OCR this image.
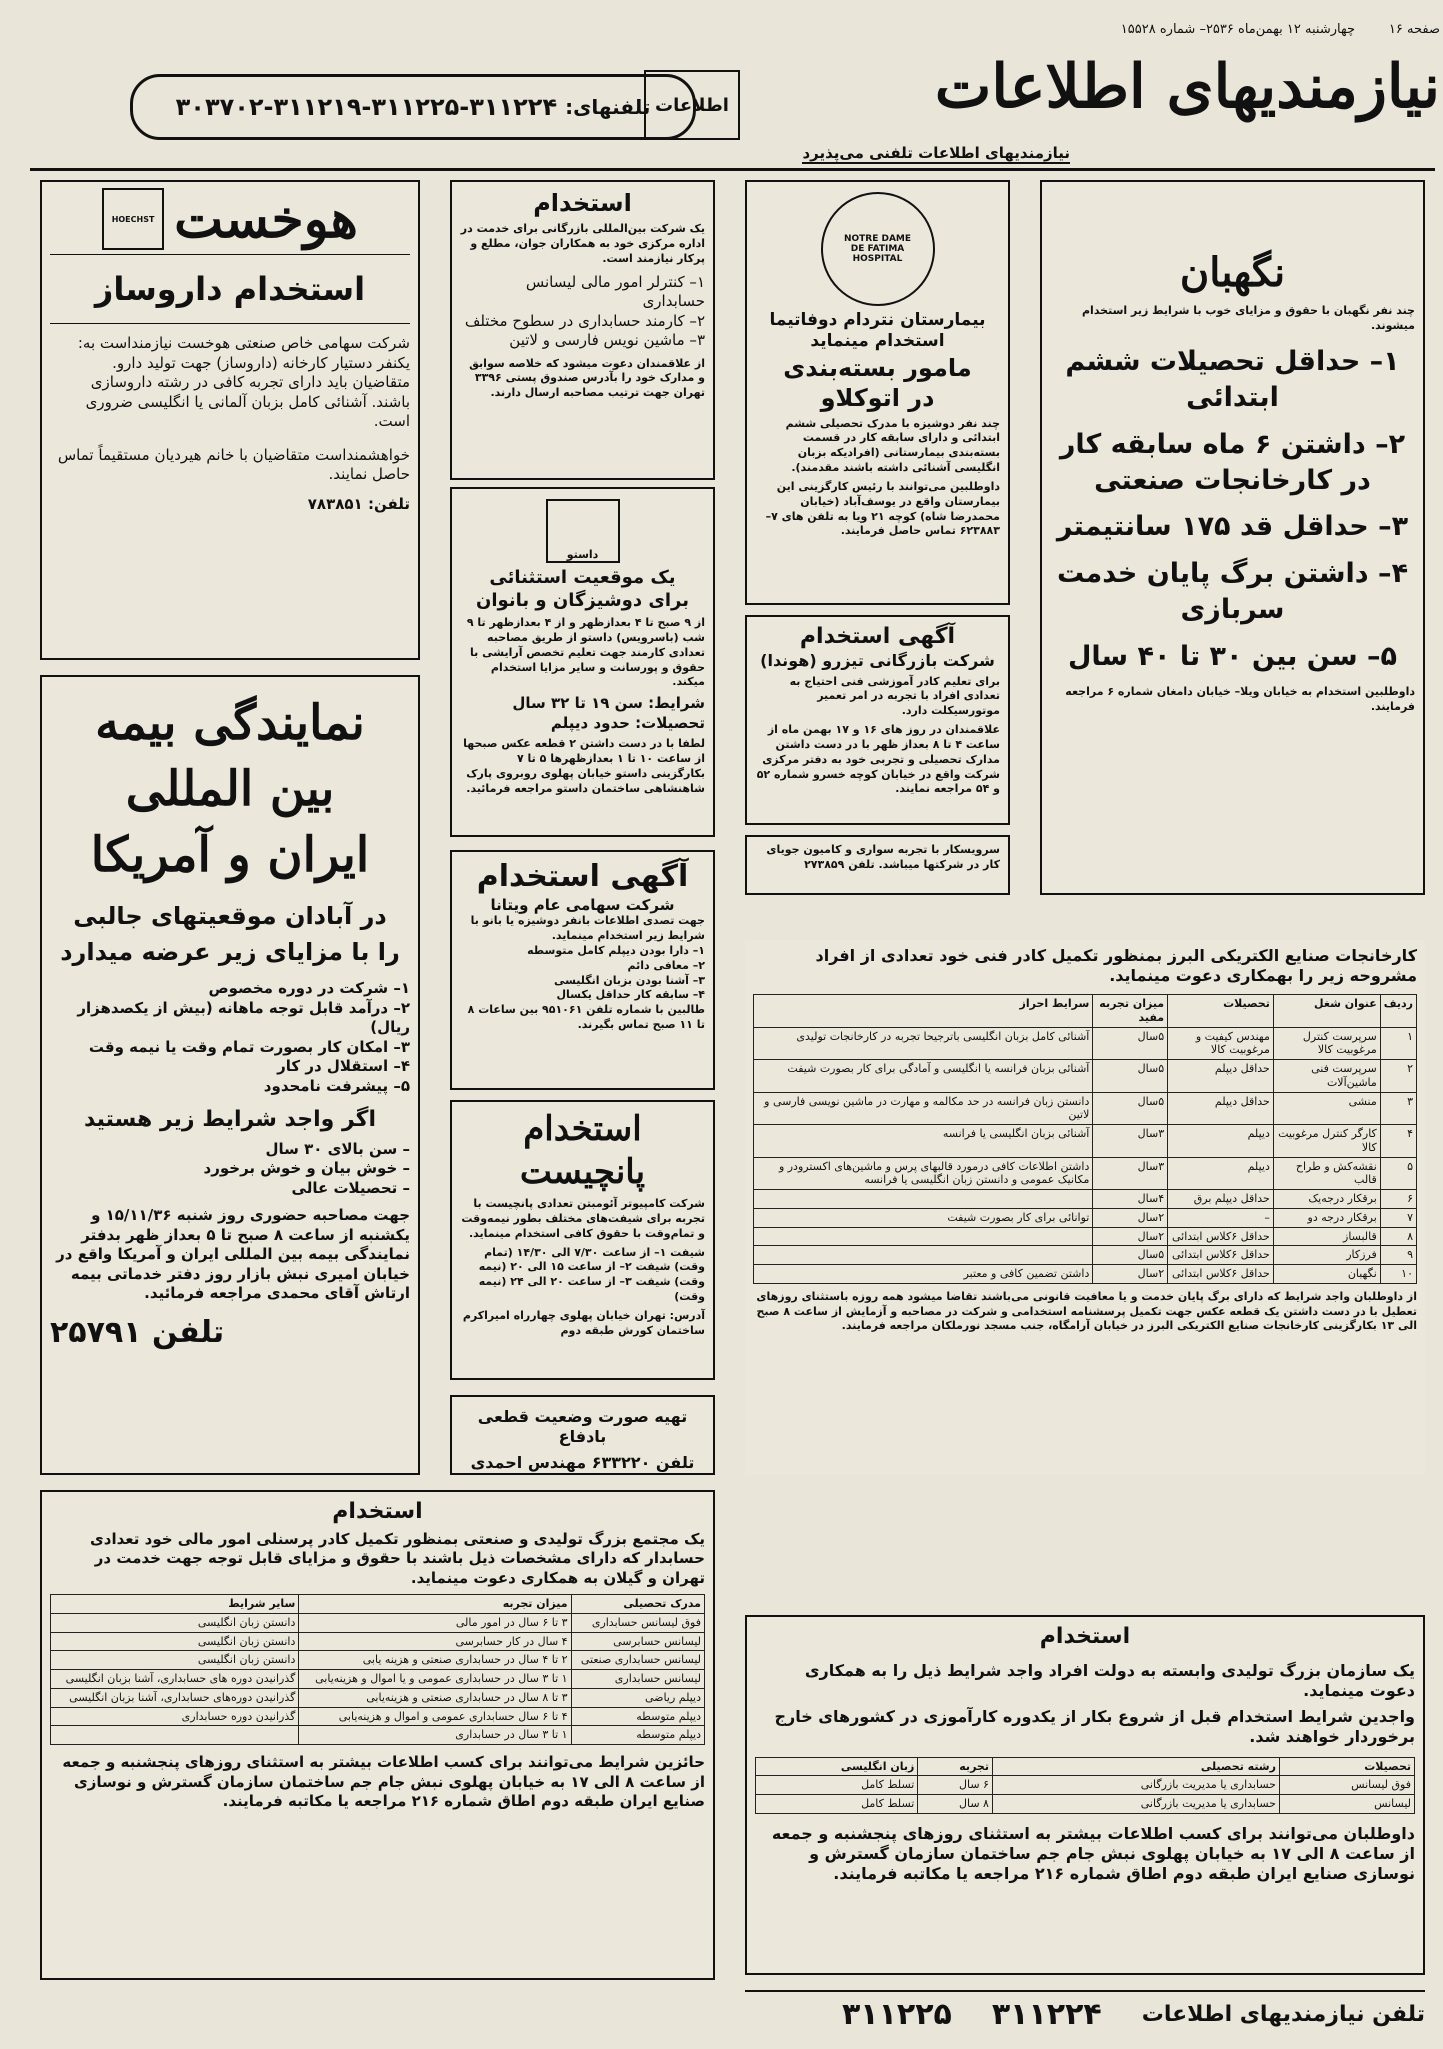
صفحه ۱۶
چهارشنبه ۱۲ بهمن‌ماه ۲۵۳۶– شماره ۱۵۵۲۸
نیازمندیهای اطلاعات
اطلاعات
تلفنهای:
۳۰۳۷۰۲-۳۱۱۲۱۹-۳۱۱۲۲۵-۳۱۱۲۲۴
نیازمندیهای اطلاعات تلفنی می‌پذیرد
هوخست
HOECHST

استخدام داروساز

شرکت سهامی خاص صنعتی هوخست نیازمنداست به: یکنفر دستیار کارخانه (داروساز) جهت تولید دارو. متقاضیان باید دارای تجربه کافی در رشته داروسازی باشند. آشنائی کامل بزبان آلمانی یا انگلیسی ضروری است.

خواهشمنداست متقاضیان با خانم هیردیان مستقیماً تماس حاصل نمایند.

تلفن: ۷۸۳۸۵۱

نمایندگی بیمه

بین المللی

ایران و آمریکا

در آبادان موقعیتهای جالبی

را با مزایای زیر عرضه میدارد

۱– شرکت در دوره مخصوص
۲– درآمد قابل توجه ماهانه (بیش از یکصدهزار ریال)
۳– امکان کار بصورت تمام وقت یا نیمه وقت
۴– استقلال در کار
۵– پیشرفت نامحدود

اگر واجد شرایط زیر هستید

– سن بالای ۳۰ سال
– خوش بیان و خوش برخورد
– تحصیلات عالی

جهت مصاحبه حضوری روز شنبه ۱۵/۱۱/۳۶ و یکشنبه از ساعت ۸ صبح تا ۵ بعداز ظهر بدفتر نمایندگی بیمه بین المللی ایران و آمریکا واقع در خیابان امیری نبش بازار روز دفتر خدماتی بیمه ارتاش آقای محمدی مراجعه فرمائید.

تلفن ۲۵۷۹۱

استخدام

یک شرکت بین‌المللی بازرگانی برای خدمت در اداره مرکزی خود به همکاران جوان، مطلع و پرکار نیازمند است.

۱– کنترلر امور مالی لیسانس حسابداری
۲– کارمند حسابداری در سطوح مختلف
۳– ماشین نویس فارسی و لاتین

از علاقمندان دعوت میشود که خلاصه سوابق و مدارک خود را بآدرس صندوق پستی ۳۳۹۶ تهران جهت ترتیب مصاحبه ارسال دارند.

داستو

یک موقعیت استثنائی

برای دوشیزگان و بانوان

از ۹ صبح تا ۴ بعدازظهر و از ۴ بعدازظهر تا ۹ شب (باسرویس) داستو از طریق مصاحبه تعدادی کارمند جهت تعلیم تخصص آرایشی با حقوق و پورسانت و سایر مزایا استخدام میکند.

شرایط: سن ۱۹ تا ۳۲ سال

تحصیلات: حدود دیپلم

لطفا با در دست داشتن ۲ قطعه عکس صبحها از ساعت ۱۰ تا ۱ بعدازظهرها ۵ تا ۷ بکارگزینی داستو خیابان پهلوی روبروی پارک شاهنشاهی ساختمان داستو مراجعه فرمائید.

آگهی استخدام

شرکت سهامی عام ویتانا

جهت تصدی اطلاعات بانفر دوشیزه یا بانو با شرایط زیر استخدام مینماید.

۱– دارا بودن دیپلم کامل متوسطه
۲– معافی دائم
۳– آشنا بودن بزبان انگلیسی
۴– سابقه کار حداقل یکسال

طالبین با شماره تلفن ۹۵۱۰۶۱ بین ساعات ۸ تا ۱۱ صبح تماس بگیرند.

استخدام

پانچیست

شرکت کامپیوتر آئومبتن تعدادی پانچیست با تجربه برای شیفت‌های مختلف بطور نیمه‌وقت و تمام‌وقت با حقوق کافی استخدام مینماید.

شیفت ۱– از ساعت ۷/۳۰ الی ۱۴/۳۰ (تمام وقت) شیفت ۲– از ساعت ۱۵ الی ۲۰ (نیمه وقت) شیفت ۳– از ساعت ۲۰ الی ۲۴ (نیمه وقت)

آدرس: تهران خیابان پهلوی چهارراه امیراکرم ساختمان کورش طبقه دوم

تهیه صورت وضعیت قطعی بادفاع

تلفن ۶۳۳۲۲۰ مهندس احمدی

NOTRE DAME DE FATIMA HOSPITAL

بیمارستان نتردام دوفاتیما

استخدام مینماید

مامور بسته‌بندی

در اتوکلاو

چند نفر دوشیزه با مدرک تحصیلی ششم ابتدائی و دارای سابقه کار در قسمت بسته‌بندی بیمارستانی (افرادیکه بزبان انگلیسی آشنائی داشته باشند مقدمند).

داوطلبین می‌توانند با رئیس کارگزینی این بیمارستان واقع در یوسف‌آباد (خیابان محمدرضا شاه) کوچه ۲۱ ویا به تلفن های ۷–۶۲۳۸۸۳ تماس حاصل فرمایند.

آگهی استخدام

شرکت بازرگانی تیزرو (هوندا)

برای تعلیم کادر آموزشی فنی احتیاج به تعدادی افراد با تجربه در امر تعمیر موتورسیکلت دارد.

علاقمندان در روز های ۱۶ و ۱۷ بهمن ماه از ساعت ۴ تا ۸ بعداز ظهر با در دست داشتن مدارک تحصیلی و تجربی خود به دفتر مرکزی شرکت واقع در خیابان کوچه خسرو شماره ۵۲ و ۵۴ مراجعه نمایند.

سرویسکار با تجربه سواری و کامیون جویای کار در شرکتها میباشد. تلفن ۲۷۳۸۵۹

نگهبان

چند نفر نگهبان با حقوق و مزایای خوب با شرایط زیر استخدام میشوند.

۱– حداقل تحصیلات ششم ابتدائی
۲– داشتن ۶ ماه سابقه کار در کارخانجات صنعتی
۳– حداقل قد ۱۷۵ سانتیمتر
۴– داشتن برگ پایان خدمت سربازی
۵– سن بین ۳۰ تا ۴۰ سال

داوطلبین استخدام به خیابان ویلا– خیابان دامغان شماره ۶ مراجعه فرمایند.

کارخانجات صنایع الکتریکی البرز بمنظور تکمیل کادر فنی خود تعدادی از افراد مشروحه زیر را بهمکاری دعوت مینماید.

ردیف	عنوان شغل	تحصیلات	میزان تجربه مفید	سرایط احراز
۱	سرپرست کنترل مرغوبیت کالا	مهندس کیفیت و مرغوبیت کالا	۵سال	آشنائی کامل بزبان انگلیسی باترجیحا تجربه در کارخانجات تولیدی
۲	سرپرست فنی ماشین‌آلات	حداقل دیپلم	۵سال	آشنائی بزبان فرانسه یا انگلیسی و آمادگی برای کار بصورت شیفت
۳	منشی	حداقل دیپلم	۵سال	دانستن زبان فرانسه در حد مکالمه و مهارت در ماشین نویسی فارسی و لاتین
۴	کارگر کنترل مرغوبیت کالا	دیپلم	۳سال	آشنائی بزبان انگلیسی یا فرانسه
۵	نقشه‌کش و طراح قالب	دیپلم	۳سال	داشتن اطلاعات کافی درمورد قالبهای پرس و ماشین‌های اکسترودر و مکانیک عمومی و دانستن زبان انگلیسی یا فرانسه
۶	برقکار درجه‌یک	حداقل دیپلم برق	۴سال	
۷	برقکار درجه دو	–	۲سال	توانائی برای کار بصورت شیفت
۸	قالبساز	حداقل ۶کلاس ابتدائی	۲سال	
۹	فرزکار	حداقل ۶کلاس ابتدائی	۵سال	
۱۰	نگهبان	حداقل ۶کلاس ابتدائی	۲سال	داشتن تضمین کافی و معتبر

از داوطلبان واجد شرایط که دارای برگ پایان خدمت و یا معافیت قانونی می‌باشند تقاضا میشود همه روزه باستثنای روزهای تعطیل با در دست داشتن یک قطعه عکس جهت تکمیل پرسشنامه استخدامی و شرکت در مصاحبه و آزمایش از ساعت ۸ صبح الی ۱۳ بکارگزینی کارخانجات صنایع الکتریکی البرز در خیابان آرامگاه، جنب مسجد نورملکان مراجعه فرمایند.

استخدام

یک مجتمع بزرگ تولیدی و صنعتی بمنظور تکمیل کادر پرسنلی امور مالی خود تعدادی حسابدار که دارای مشخصات ذیل باشند با حقوق و مزایای قابل توجه جهت خدمت در تهران و گیلان به همکاری دعوت مینماید.

مدرک تحصیلی	میزان تجربه	سایر شرایط
فوق لیسانس حسابداری	۳ تا ۶ سال در امور مالی	دانستن زبان انگلیسی
لیسانس حسابرسی	۴ سال در کار حسابرسی	دانستن زبان انگلیسی
لیسانس حسابداری صنعتی	۲ تا ۴ سال در حسابداری صنعتی و هزینه یابی	دانستن زبان انگلیسی
لیسانس حسابداری	۱ تا ۳ سال در حسابداری عمومی و یا اموال و هزینه‌یابی	گذرانیدن دوره های حسابداری، آشنا بزبان انگلیسی
دیپلم ریاضی	۳ تا ۸ سال در حسابداری صنعتی و هزینه‌یابی	گذرانیدن دوره‌های حسابداری، آشنا بزبان انگلیسی
دیپلم متوسطه	۴ تا ۶ سال حسابداری عمومی و اموال و هزینه‌یابی	گذرانیدن دوره حسابداری
دیپلم متوسطه	۱ تا ۳ سال در حسابداری	

حائزین شرایط می‌توانند برای کسب اطلاعات بیشتر به استثنای روزهای پنجشنبه و جمعه از ساعت ۸ الی ۱۷ به خیابان پهلوی نبش جام جم ساختمان سازمان گسترش و نوسازی صنایع ایران طبقه دوم اطاق شماره ۲۱۶ مراجعه یا مکاتبه فرمایند.

استخدام

یک سازمان بزرگ تولیدی وابسته به دولت افراد واجد شرایط ذیل را به همکاری دعوت مینماید.

واجدین شرایط استخدام قبل از شروع بکار از یکدوره کارآموزی در کشورهای خارج برخوردار خواهند شد.

تحصیلات	رشته تحصیلی	تجربه	زبان انگلیسی
فوق لیسانس	حسابداری یا مدیریت بازرگانی	۶ سال	تسلط کامل
لیسانس	حسابداری یا مدیریت بازرگانی	۸ سال	تسلط کامل

داوطلبان می‌توانند برای کسب اطلاعات بیشتر به استثنای روزهای پنجشنبه و جمعه از ساعت ۸ الی ۱۷ به خیابان پهلوی نبش جام جم ساختمان سازمان گسترش و نوسازی صنایع ایران طبقه دوم اطاق شماره ۲۱۶ مراجعه یا مکاتبه فرمایند.

تلفن نیازمندیهای اطلاعات
۳۱۱۲۲۴
۳۱۱۲۲۵
